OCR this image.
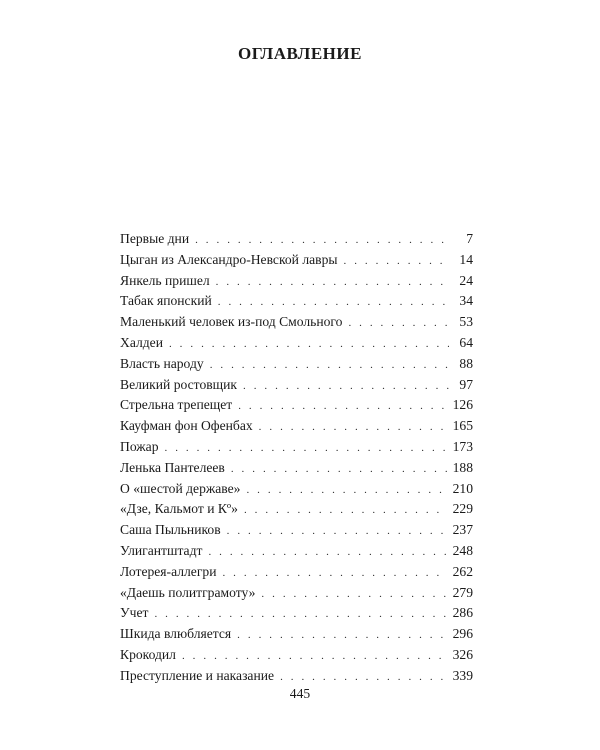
ОГЛАВЛЕНИЕ
Первые дни . . .	7
Цыган из Александро-Невской лавры . . .	14
Янкель пришел . . .	24
Табак японский . . .	34
Маленький человек из-под Смольного . . .	53
Халдеи . . .	64
Власть народу . . .	88
Великий ростовщик . . .	97
Стрельна трепещет . . .	126
Кауфман фон Офенбах . . .	165
Пожар . . .	173
Ленька Пантелеев . . .	188
О «шестой державе» . . .	210
«Дзе, Кальмот и Кº» . . .	229
Саша Пыльников . . .	237
Улигантштадт . . .	248
Лотерея-аллегри . . .	262
«Даешь политграмоту» . . .	279
Учет . . .	286
Шкида влюбляется . . .	296
Крокодил . . .	326
Преступление и наказание . . .	339
445
